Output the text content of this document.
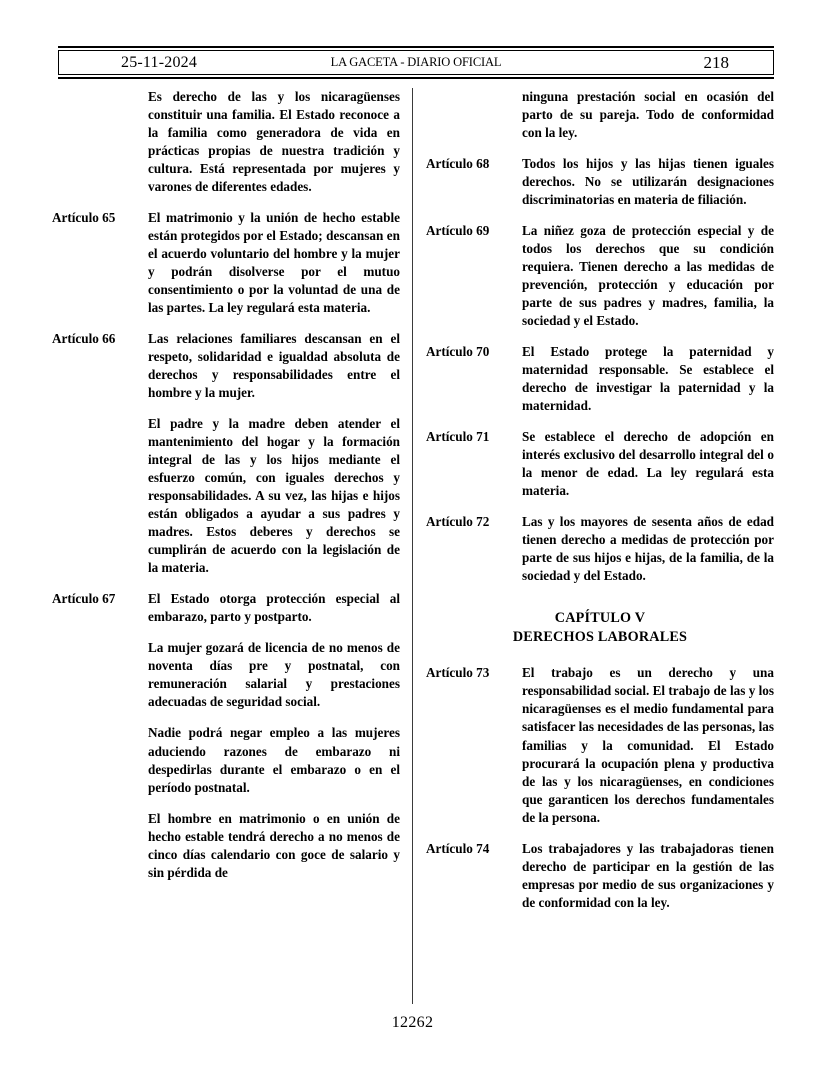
25-11-2024	LA GACETA - DIARIO OFICIAL	218

Es derecho de las y los nicaragüenses constituir una familia. El Estado reconoce a la familia como generadora de vida en prácticas propias de nuestra tradición y cultura. Está representada por mujeres y varones de diferentes edades.

Artículo 65	El matrimonio y la unión de hecho estable están protegidos por el Estado; descansan en el acuerdo voluntario del hombre y la mujer y podrán disolverse por el mutuo consentimiento o por la voluntad de una de las partes. La ley regulará esta materia.

Artículo 66	Las relaciones familiares descansan en el respeto, solidaridad e igualdad absoluta de derechos y responsabilidades entre el hombre y la mujer.

El padre y la madre deben atender el mantenimiento del hogar y la formación integral de las y los hijos mediante el esfuerzo común, con iguales derechos y responsabilidades. A su vez, las hijas e hijos están obligados a ayudar a sus padres y madres. Estos deberes y derechos se cumplirán de acuerdo con la legislación de la materia.

Artículo 67	El Estado otorga protección especial al embarazo, parto y postparto.

La mujer gozará de licencia de no menos de noventa días pre y postnatal, con remuneración salarial y prestaciones adecuadas de seguridad social.

Nadie podrá negar empleo a las mujeres aduciendo razones de embarazo ni despedirlas durante el embarazo o en el período postnatal.

El hombre en matrimonio o en unión de hecho estable tendrá derecho a no menos de cinco días calendario con goce de salario y sin pérdida de

ninguna prestación social en ocasión del parto de su pareja. Todo de conformidad con la ley.

Artículo 68	Todos los hijos y las hijas tienen iguales derechos. No se utilizarán designaciones discriminatorias en materia de filiación.

Artículo 69	La niñez goza de protección especial y de todos los derechos que su condición requiera. Tienen derecho a las medidas de prevención, protección y educación por parte de sus padres y madres, familia, la sociedad y el Estado.

Artículo 70	El Estado protege la paternidad y maternidad responsable. Se establece el derecho de investigar la paternidad y la maternidad.

Artículo 71	Se establece el derecho de adopción en interés exclusivo del desarrollo integral del o la menor de edad. La ley regulará esta materia.

Artículo 72	Las y los mayores de sesenta años de edad tienen derecho a medidas de protección por parte de sus hijos e hijas, de la familia, de la sociedad y del Estado.

CAPÍTULO V
DERECHOS LABORALES
Artículo 73	El trabajo es un derecho y una responsabilidad social. El trabajo de las y los nicaragüenses es el medio fundamental para satisfacer las necesidades de las personas, las familias y la comunidad. El Estado procurará la ocupación plena y productiva de las y los nicaragüenses, en condiciones que garanticen los derechos fundamentales de la persona.

Artículo 74	Los trabajadores y las trabajadoras tienen derecho de participar en la gestión de las empresas por medio de sus organizaciones y de conformidad con la ley.

12262
